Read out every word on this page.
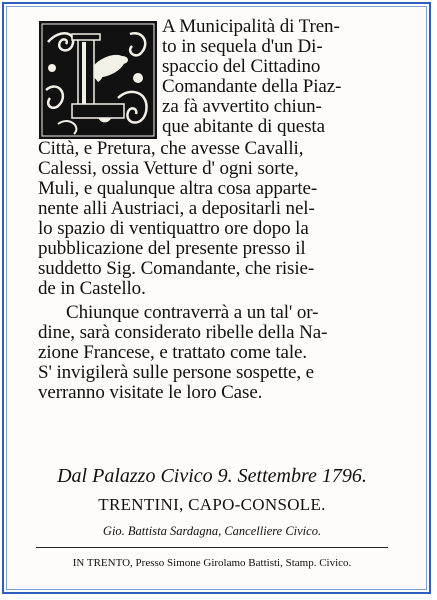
A Municipalità di Tren-
to in sequela d'un Di-
spaccio del Cittadino
Comandante della Piaz-
za fà avvertito chiun-
que abitante di questa
Città, e Pretura, che avesse Cavalli,
Calessi, ossia Vetture d' ogni sorte,
Muli, e qualunque altra cosa apparte-
nente alli Austriaci, a depositarli nel-
lo spazio di ventiquattro ore dopo la
pubblicazione del presente presso il
suddetto Sig. Comandante, che risie-
de in Castello.
Chiunque contraverrà a un tal' or-
dine, sarà considerato ribelle della Na-
zione Francese, e trattato come tale.
S' invigilerà sulle persone sospette, e
verranno visitate le loro Case.
Dal Palazzo Civico 9. Settembre 1796.
TRENTINI, CAPO-CONSOLE.
Gio. Battista Sardagna, Cancelliere Civico.
IN TRENTO, Presso Simone Girolamo Battisti, Stamp. Civico.
